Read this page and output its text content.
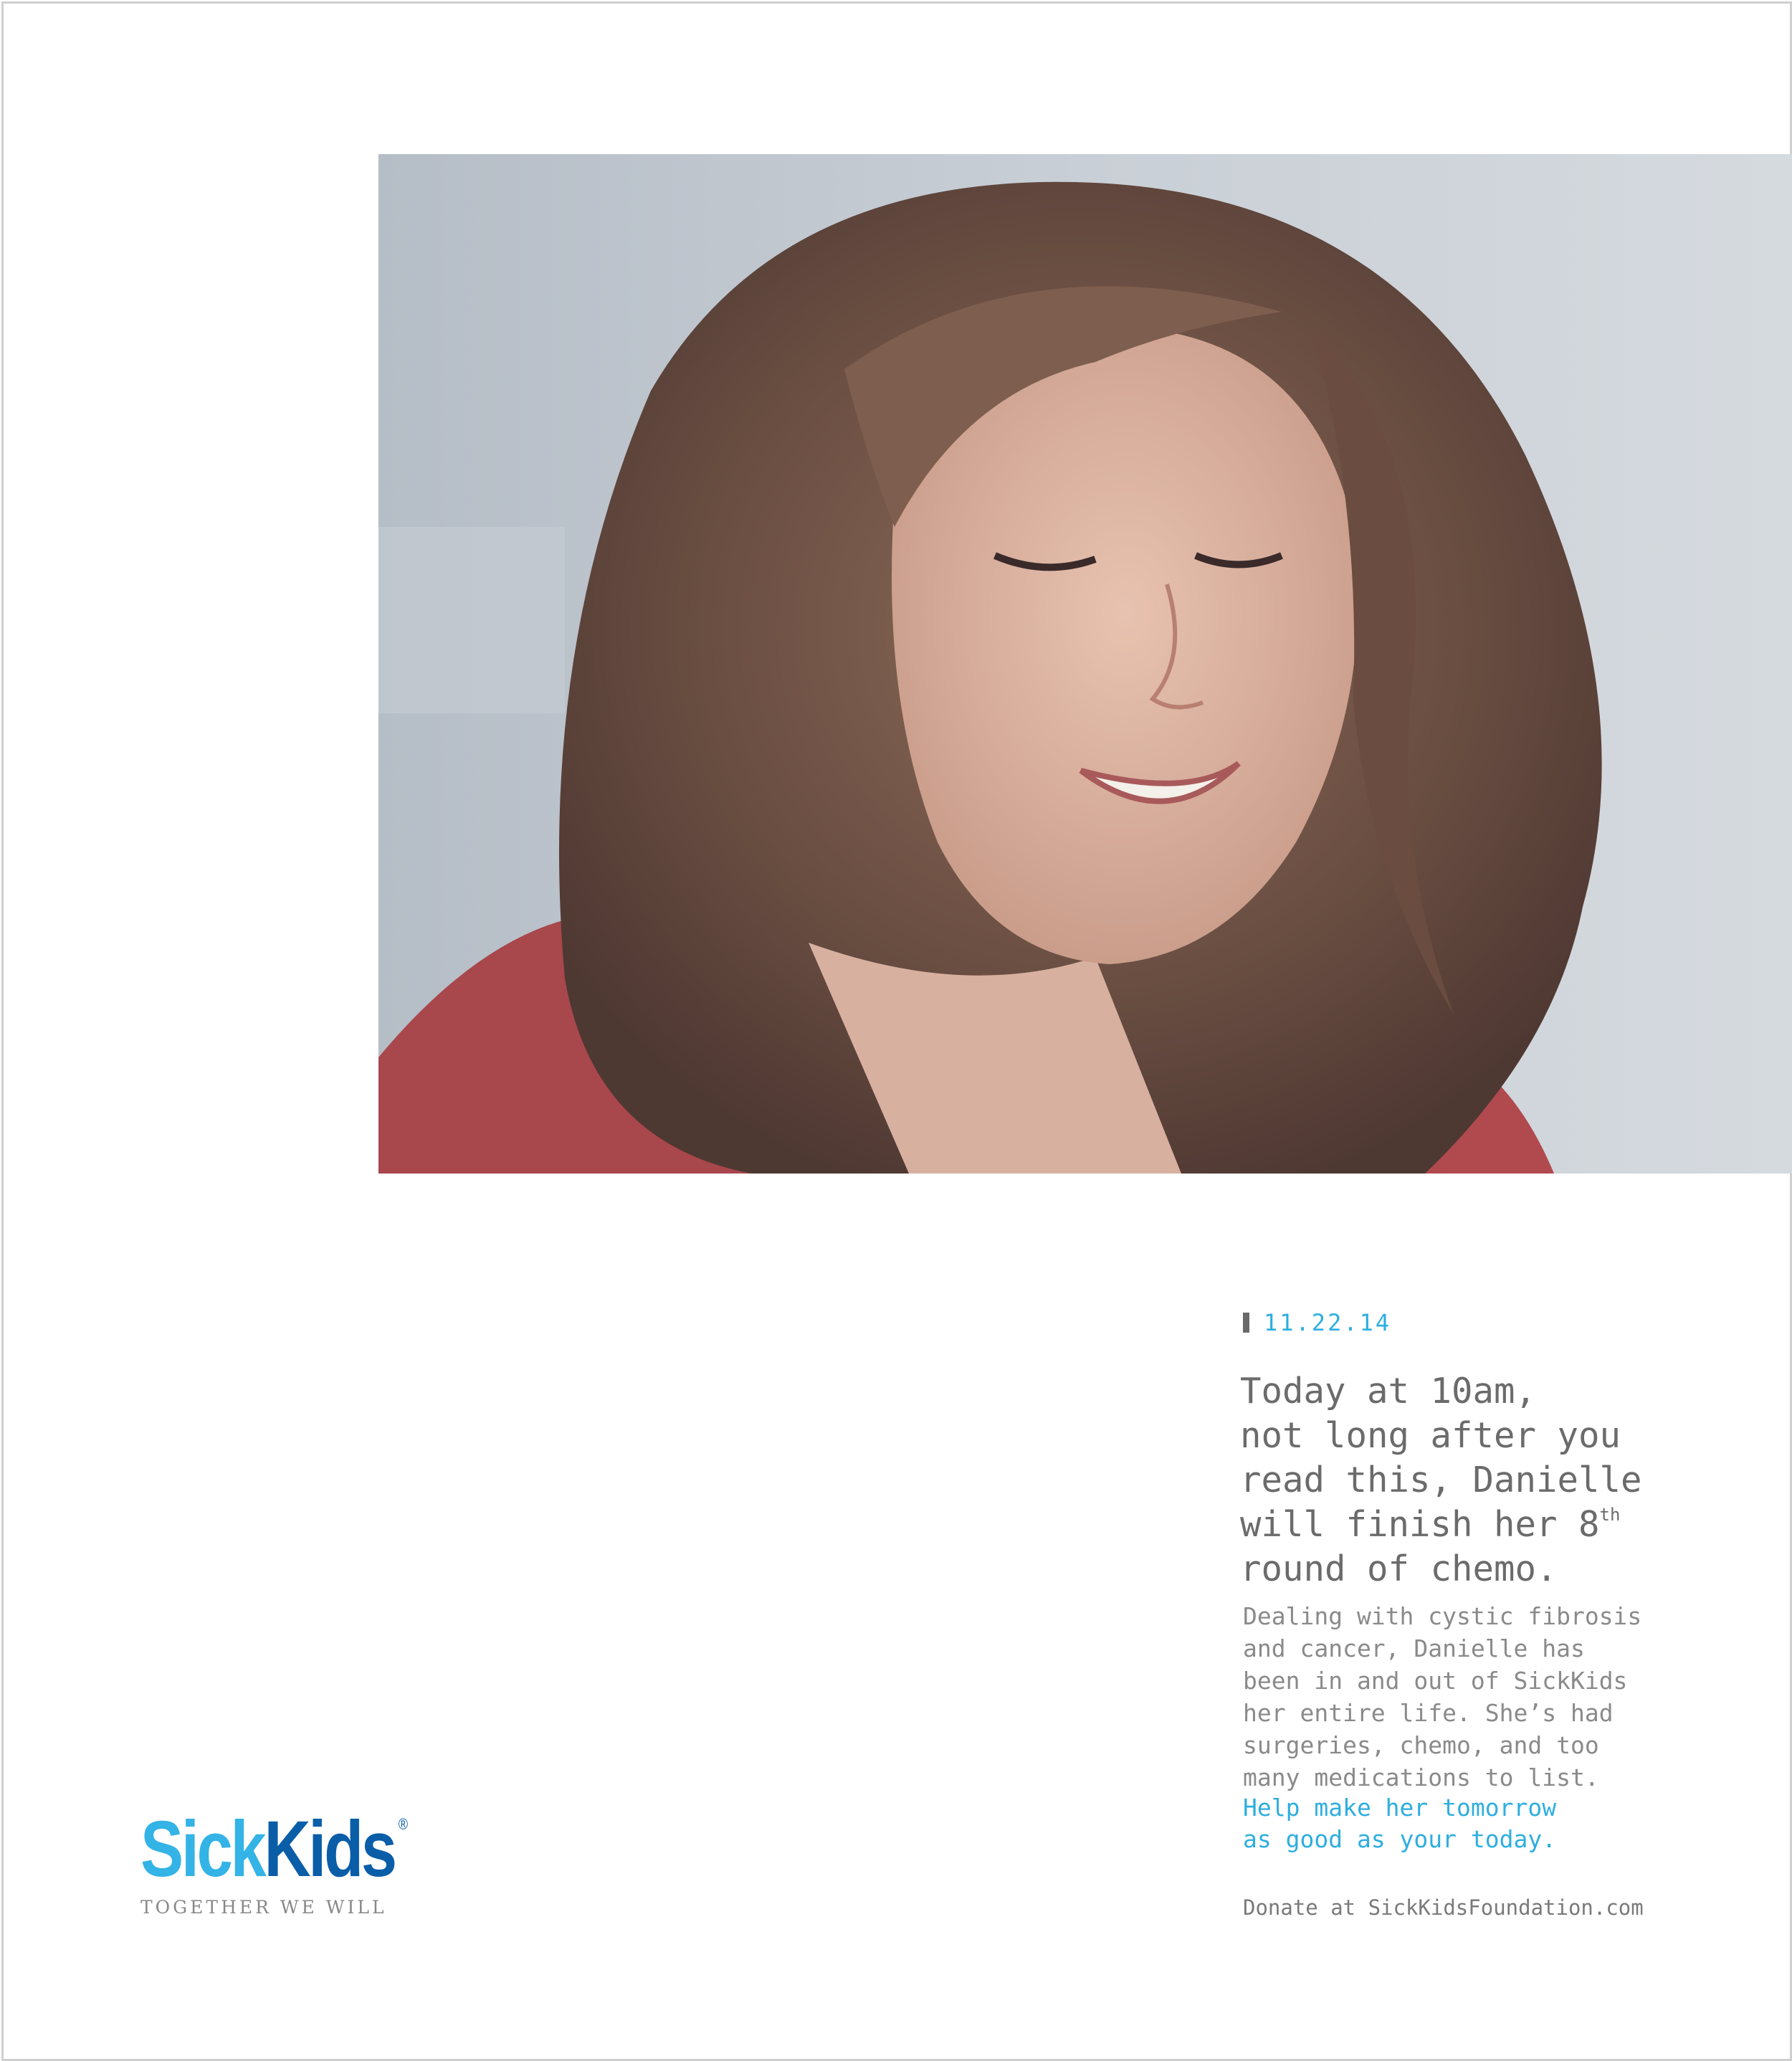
11.22.14
Today at 10am,
not long after you
read this, Danielle
will finish her 8th
round of chemo.
Dealing with cystic fibrosis
and cancer, Danielle has
been in and out of SickKids
her entire life. She’s had
surgeries, chemo, and too
many medications to list.
Help make her tomorrow
as good as your today.
Donate at SickKidsFoundation.com
Sick Kids ®
TOGETHER WE WILL
